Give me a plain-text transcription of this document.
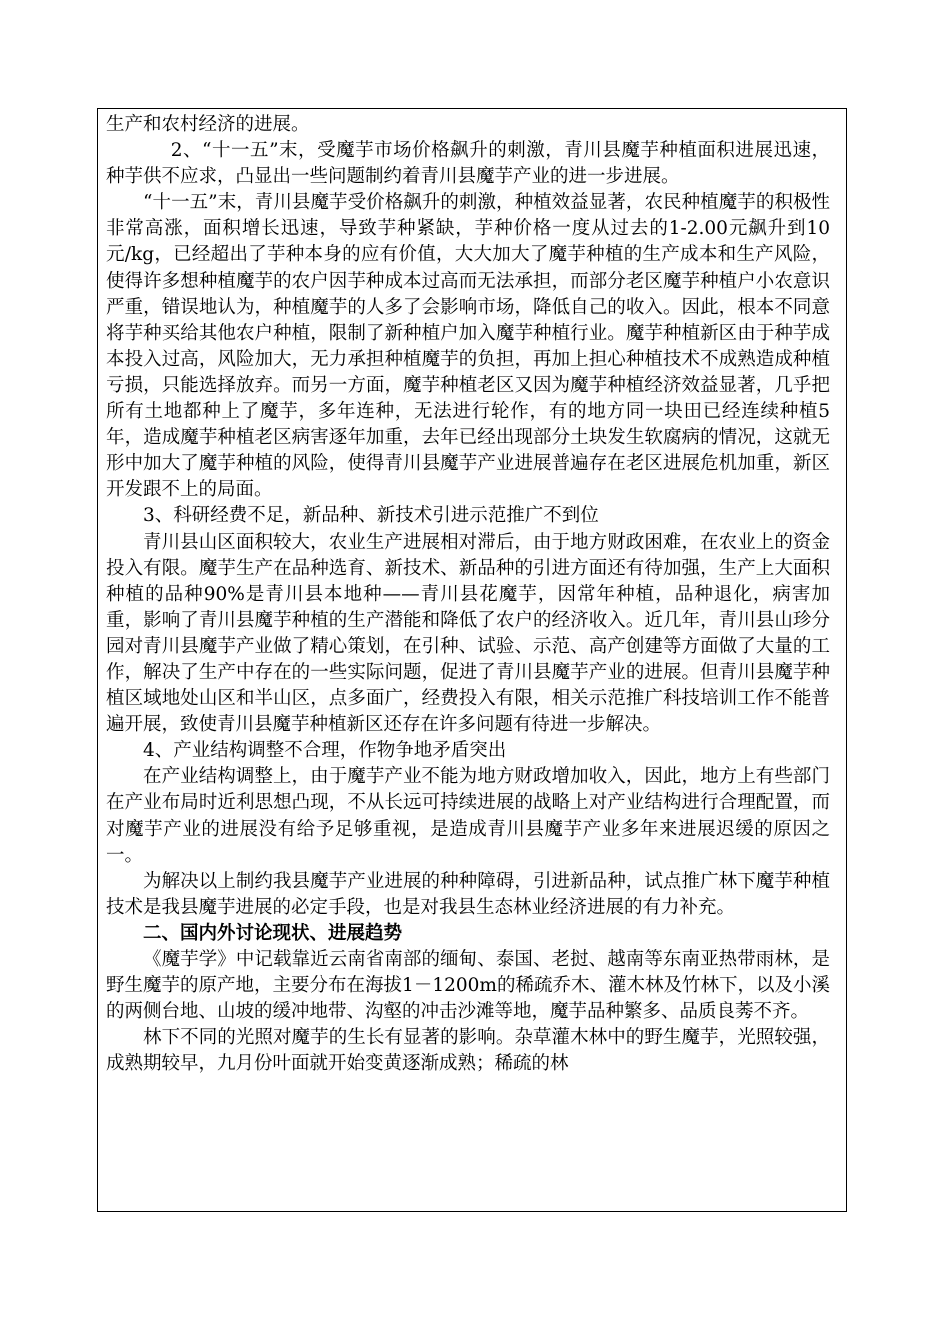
生产和农村经济的进展。

2、“十一五”末，受魔芋市场价格飙升的刺激，青川县魔芋种植面积进展迅速，种芋供不应求，凸显出一些问题制约着青川县魔芋产业的进一步进展。

“十一五”末，青川县魔芋受价格飙升的刺激，种植效益显著，农民种植魔芋的积极性非常高涨，面积增长迅速，导致芋种紧缺，芋种价格一度从过去的1-2.00元飙升到10元/kg，已经超出了芋种本身的应有价值，大大加大了魔芋种植的生产成本和生产风险，使得许多想种植魔芋的农户因芋种成本过高而无法承担，而部分老区魔芋种植户小农意识严重，错误地认为，种植魔芋的人多了会影响市场，降低自己的收入。因此，根本不同意将芋种买给其他农户种植，限制了新种植户加入魔芋种植行业。魔芋种植新区由于种芋成本投入过高，风险加大，无力承担种植魔芋的负担，再加上担心种植技术不成熟造成种植亏损，只能选择放弃。而另一方面，魔芋种植老区又因为魔芋种植经济效益显著，几乎把所有土地都种上了魔芋，多年连种，无法进行轮作，有的地方同一块田已经连续种植5年，造成魔芋种植老区病害逐年加重，去年已经出现部分土块发生软腐病的情况，这就无形中加大了魔芋种植的风险，使得青川县魔芋产业进展普遍存在老区进展危机加重，新区开发跟不上的局面。

3、科研经费不足，新品种、新技术引进示范推广不到位

青川县山区面积较大，农业生产进展相对滞后，由于地方财政困难，在农业上的资金投入有限。魔芋生产在品种选育、新技术、新品种的引进方面还有待加强，生产上大面积种植的品种90%是青川县本地种——青川县花魔芋，因常年种植，品种退化，病害加重，影响了青川县魔芋种植的生产潜能和降低了农户的经济收入。近几年，青川县山珍分园对青川县魔芋产业做了精心策划，在引种、试验、示范、高产创建等方面做了大量的工作，解决了生产中存在的一些实际问题，促进了青川县魔芋产业的进展。但青川县魔芋种植区域地处山区和半山区，点多面广，经费投入有限，相关示范推广科技培训工作不能普遍开展，致使青川县魔芋种植新区还存在许多问题有待进一步解决。

4、产业结构调整不合理，作物争地矛盾突出

在产业结构调整上，由于魔芋产业不能为地方财政增加收入，因此，地方上有些部门在产业布局时近利思想凸现，不从长远可持续进展的战略上对产业结构进行合理配置，而对魔芋产业的进展没有给予足够重视，是造成青川县魔芋产业多年来进展迟缓的原因之一。

为解决以上制约我县魔芋产业进展的种种障碍，引进新品种，试点推广林下魔芋种植技术是我县魔芋进展的必定手段，也是对我县生态林业经济进展的有力补充。

二、国内外讨论现状、进展趋势

《魔芋学》中记载靠近云南省南部的缅甸、泰国、老挝、越南等东南亚热带雨林，是野生魔芋的原产地，主要分布在海拔1－1200m的稀疏乔木、灌木林及竹林下，以及小溪的两侧台地、山坡的缓冲地带、沟壑的冲击沙滩等地，魔芋品种繁多、品质良莠不齐。

林下不同的光照对魔芋的生长有显著的影响。杂草灌木林中的野生魔芋，光照较强，成熟期较早，九月份叶面就开始变黄逐渐成熟；稀疏的林
